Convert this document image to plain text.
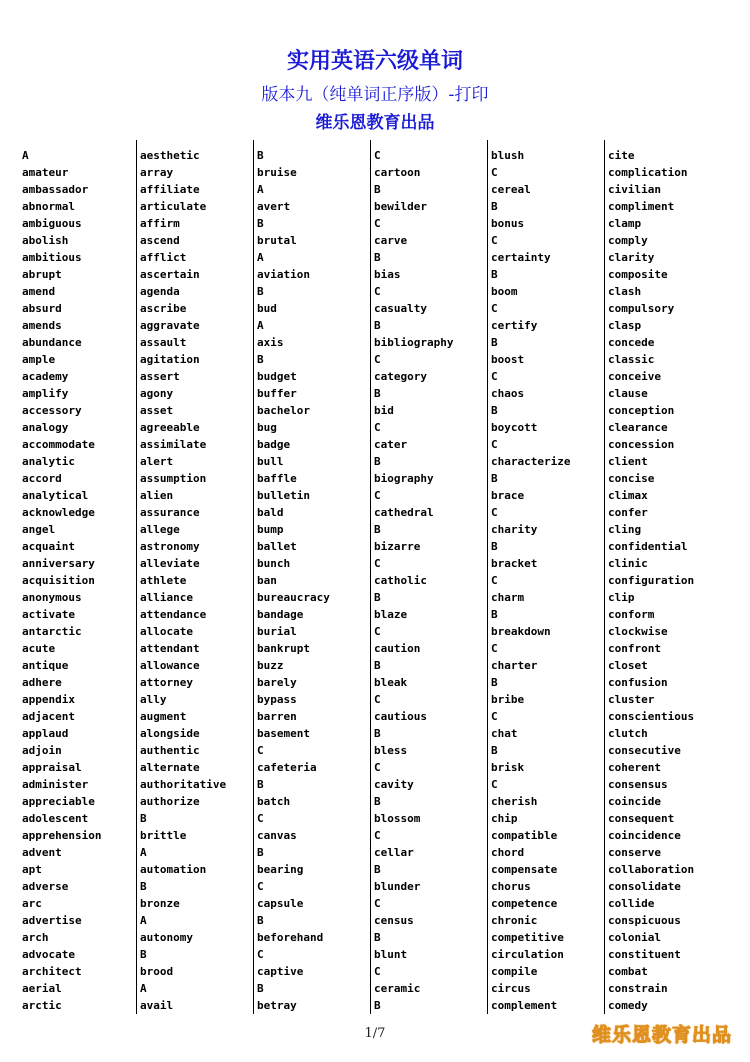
实用英语六级单词
版本九（纯单词正序版）-打印
维乐恩教育出品
A
amateur
ambassador
abnormal
ambiguous
abolish
ambitious
abrupt
amend
absurd
amends
abundance
ample
academy
amplify
accessory
analogy
accommodate
analytic
accord
analytical
acknowledge
angel
acquaint
anniversary
acquisition
anonymous
activate
antarctic
acute
antique
adhere
appendix
adjacent
applaud
adjoin
appraisal
administer
appreciable
adolescent
apprehension
advent
apt
adverse
arc
advertise
arch
advocate
architect
aerial
arctic
aesthetic
array
affiliate
articulate
affirm
ascend
afflict
ascertain
agenda
ascribe
aggravate
assault
agitation
assert
agony
asset
agreeable
assimilate
alert
assumption
alien
assurance
allege
astronomy
alleviate
athlete
alliance
attendance
allocate
attendant
allowance
attorney
ally
augment
alongside
authentic
alternate
authoritative
authorize
B
brittle
A
automation
B
bronze
A
autonomy
B
brood
A
avail
B
bruise
A
avert
B
brutal
A
aviation
B
bud
A
axis
B
budget
buffer
bachelor
bug
badge
bull
baffle
bulletin
bald
bump
ballet
bunch
ban
bureaucracy
bandage
burial
bankrupt
buzz
barely
bypass
barren
basement
C
cafeteria
B
batch
C
canvas
B
bearing
C
capsule
B
beforehand
C
captive
B
betray
C
cartoon
B
bewilder
C
carve
B
bias
C
casualty
B
bibliography
C
category
B
bid
C
cater
B
biography
C
cathedral
B
bizarre
C
catholic
B
blaze
C
caution
B
bleak
C
cautious
B
bless
C
cavity
B
blossom
C
cellar
B
blunder
C
census
B
blunt
C
ceramic
B
blush
C
cereal
B
bonus
C
certainty
B
boom
C
certify
B
boost
C
chaos
B
boycott
C
characterize
B
brace
C
charity
B
bracket
C
charm
B
breakdown
C
charter
B
bribe
C
chat
B
brisk
C
cherish
chip
compatible
chord
compensate
chorus
competence
chronic
competitive
circulation
compile
circus
complement
cite
complication
civilian
compliment
clamp
comply
clarity
composite
clash
compulsory
clasp
concede
classic
conceive
clause
conception
clearance
concession
client
concise
climax
confer
cling
confidential
clinic
configuration
clip
conform
clockwise
confront
closet
confusion
cluster
conscientious
clutch
consecutive
coherent
consensus
coincide
consequent
coincidence
conserve
collaboration
consolidate
collide
conspicuous
colonial
constituent
combat
constrain
comedy
1/7	维乐恩教育出品
